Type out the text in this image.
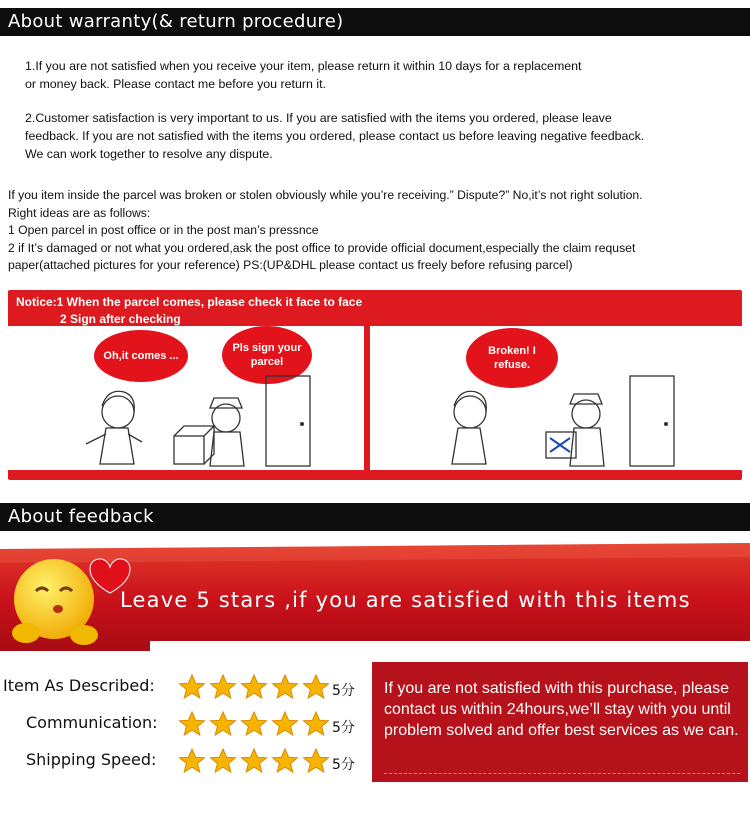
About warranty(& return procedure)
1.If you are not satisfied when you receive your item, please return it within 10 days for a replacement
or money back. Please contact me before you return it.
2.Customer satisfaction is very important to us. If you are satisfied with the items you ordered, please leave
feedback. If you are not satisfied with the items you ordered, please contact us before leaving negative feedback.
We can work together to resolve any dispute.
If you item inside the parcel was broken or stolen obviously while you’re receiving.” Dispute?” No,it’s not right solution.
Right ideas are as follows:
1 Open parcel in post office or in the post man’s pressnce
2 if It’s damaged or not what you ordered,ask the post office to provide official document,especially the claim requset
paper(attached pictures for your reference) PS:(UP&DHL please contact us freely before refusing parcel)
Notice:1 When the parcel comes, please check it face to face
2 Sign after checking
Oh,it comes ...
Pls sign your parcel
Broken! I refuse.
About feedback
Leave 5 stars ,if you are satisfied with this items
Item As Described:
Communication:
Shipping Speed:
5分
5分
5分
If you are not satisfied with this purchase, please contact us within 24hours,we’ll stay with you until problem solved and offer best services as we can.
